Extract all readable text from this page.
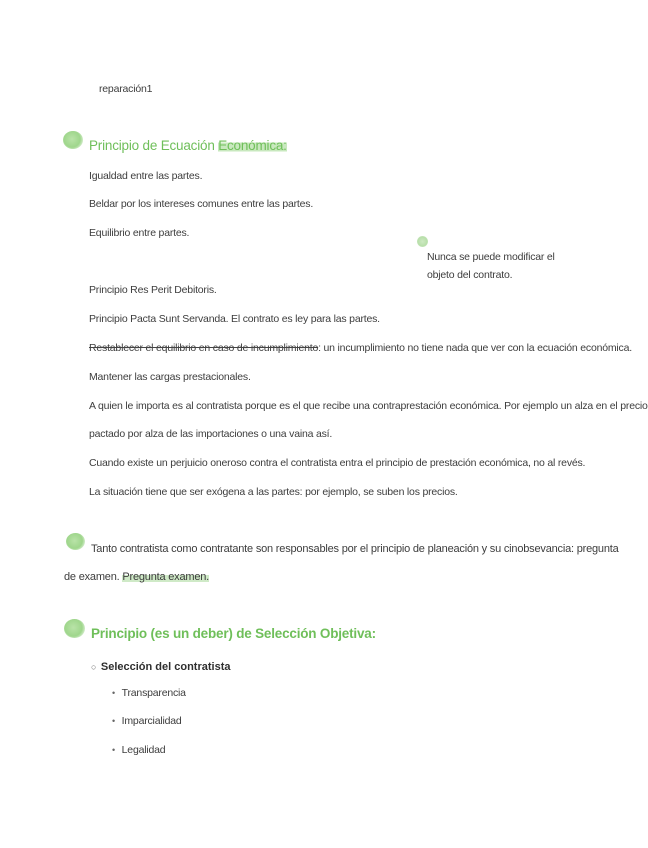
reparación1
Principio de Ecuación Económica:
Igualdad entre las partes.
Beldar por los intereses comunes entre las partes.
Equilibrio entre partes.
Nunca se puede modificar el
objeto del contrato.
Principio Res Perit Debitoris.
Principio Pacta Sunt Servanda. El contrato es ley para las partes.
Restablecer el equilibrio en caso de incumplimiento: un incumplimiento no tiene nada que ver con la ecuación económica.
Mantener las cargas prestacionales.
A quien le importa es al contratista porque es el que recibe una contraprestación económica. Por ejemplo un alza en el precio
pactado por alza de las importaciones o una vaina así.
Cuando existe un perjuicio oneroso contra el contratista entra el principio de prestación económica, no al revés.
La situación tiene que ser exógena a las partes: por ejemplo, se suben los precios.
Tanto contratista como contratante son responsables por el principio de planeación y su cinobsevancia: pregunta
de examen. Pregunta examen.
Principio (es un deber) de Selección Objetiva:
○ Selección del contratista
• Transparencia
• Imparcialidad
• Legalidad
